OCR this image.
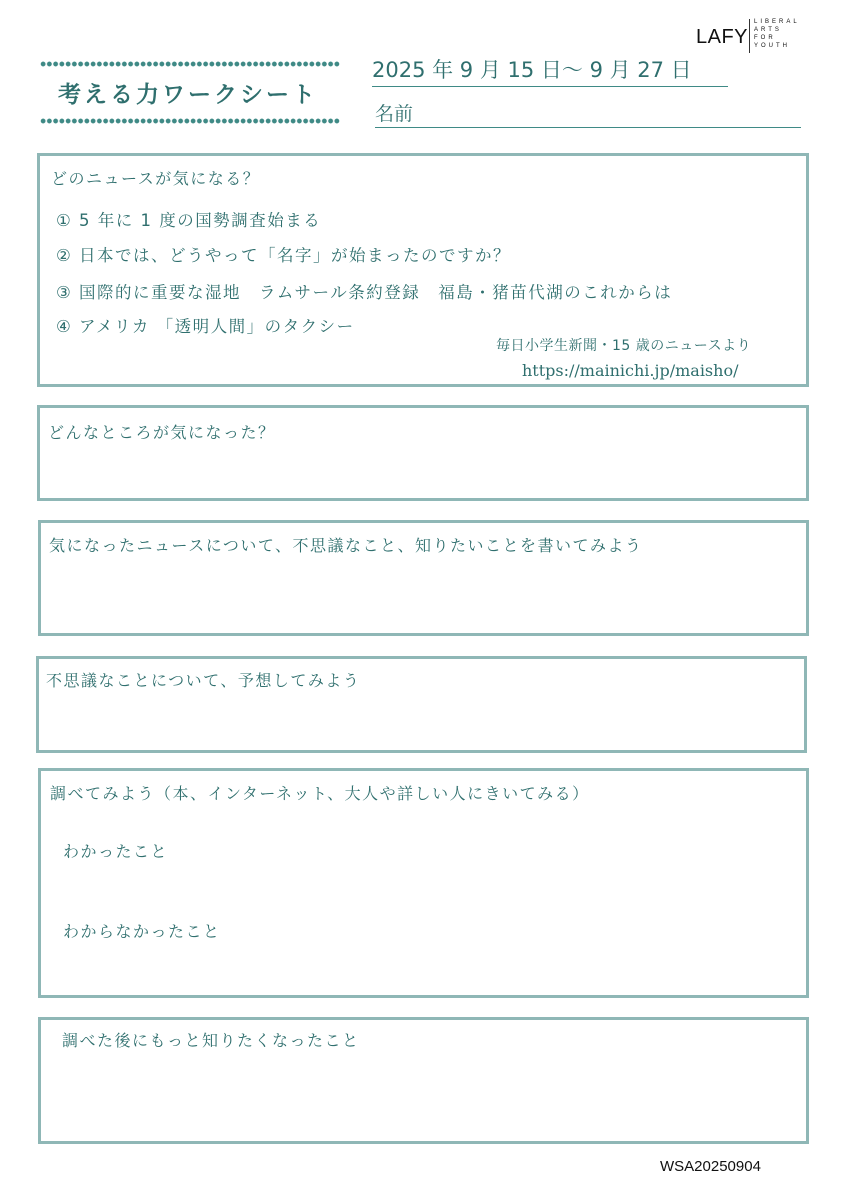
考える力ワークシート
2025 年 9 月 15 日～ 9 月 27 日
名前
LAFY
LIBERAL
ARTS
FOR
YOUTH
どのニュースが気になる？
① 5 年に 1 度の国勢調査始まる
② 日本では、どうやって「名字」が始まったのですか？
③ 国際的に重要な湿地　ラムサール条約登録　福島・猪苗代湖のこれからは
④ アメリカ 「透明人間」のタクシー
毎日小学生新聞・15 歳のニュースより
https://mainichi.jp/maisho/
どんなところが気になった？
気になったニュースについて、不思議なこと、知りたいことを書いてみよう
不思議なことについて、予想してみよう
調べてみよう（本、インターネット、大人や詳しい人にきいてみる）
わかったこと
わからなかったこと
調べた後にもっと知りたくなったこと
WSA20250904
